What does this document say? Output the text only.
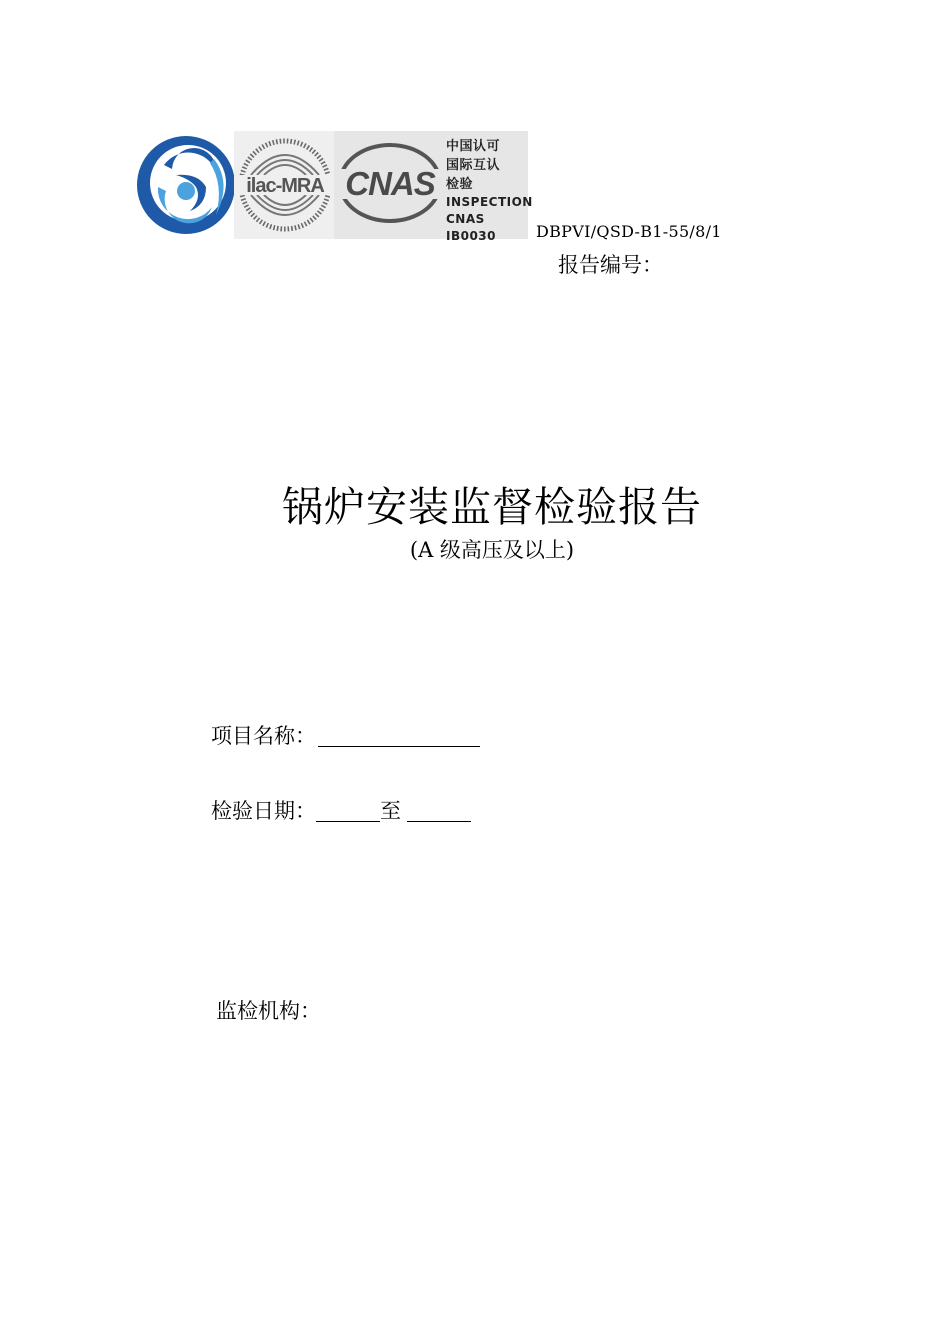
ilac-MRA CNAS
中国认可
国际互认
检验
INSPECTION
CNAS IB0030	DBPVI/QSD-B1-55/8/1
报告编号：
锅炉安装监督检验报告
(A 级高压及以上)
项目名称：
检验日期：	至
监检机构：
